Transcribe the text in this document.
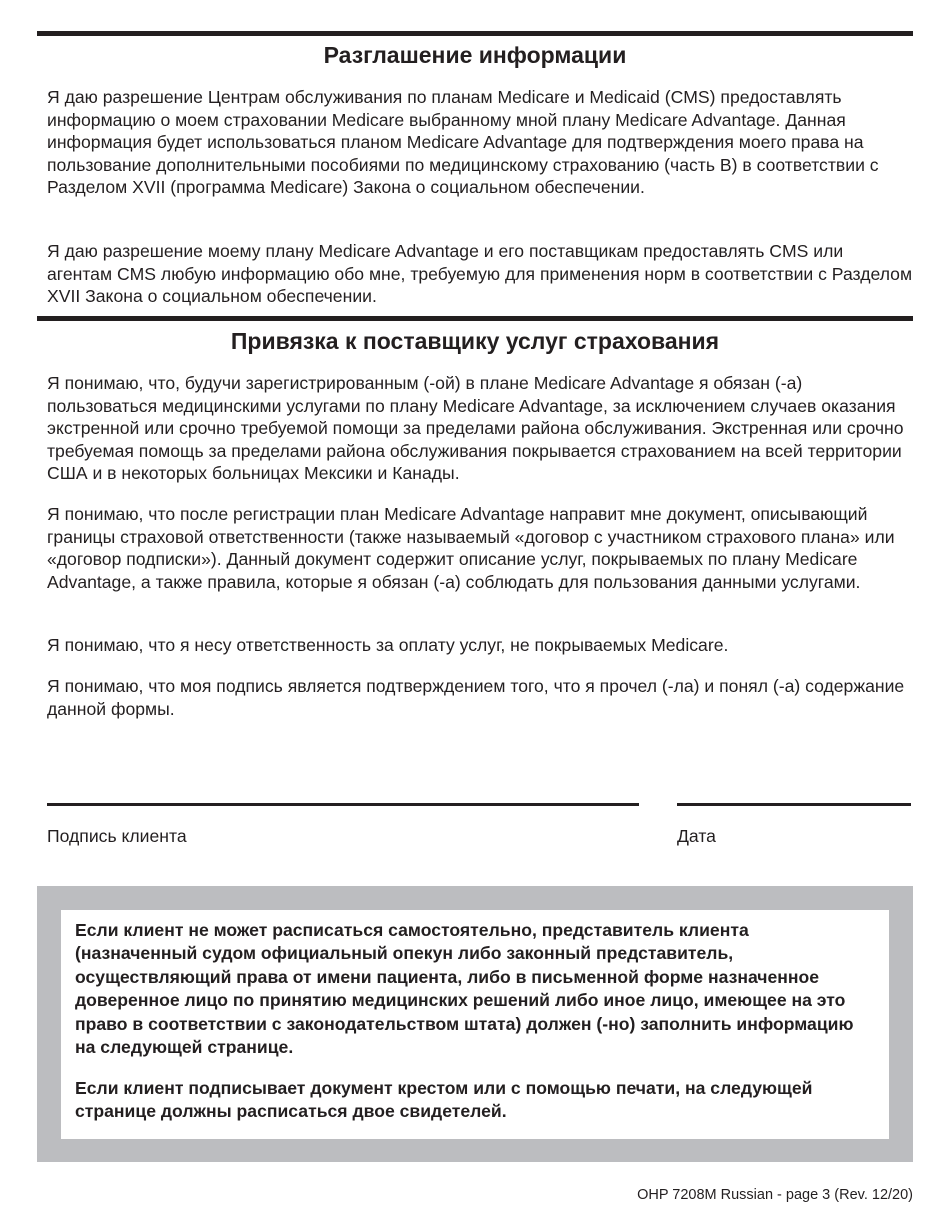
Разглашение информации

Я даю разрешение Центрам обслуживания по планам Medicare и Medicaid (CMS) предоставлять информацию о моем страховании Medicare выбранному мной плану Medicare Advantage. Данная информация будет использоваться планом Medicare Advantage для подтверждения моего права на пользование дополнительными пособиями по медицинскому страхованию (часть B) в соответствии с Разделом XVII (программа Medicare) Закона о социальном обеспечении.

Я даю разрешение моему плану Medicare Advantage и его поставщикам предоставлять CMS или агентам CMS любую информацию обо мне, требуемую для применения норм в соответствии с Разделом XVII Закона о социальном обеспечении.

Привязка к поставщику услуг страхования

Я понимаю, что, будучи зарегистрированным (-ой) в плане Medicare Advantage я обязан (-а) пользоваться медицинскими услугами по плану Medicare Advantage, за исключением случаев оказания экстренной или срочно требуемой помощи за пределами района обслуживания. Экстренная или срочно требуемая помощь за пределами района обслуживания покрывается страхованием на всей территории США и в некоторых больницах Мексики и Канады.

Я понимаю, что после регистрации план Medicare Advantage направит мне документ, описывающий границы страховой ответственности (также называемый «договор с участником страхового плана» или «договор подписки»). Данный документ содержит описание услуг, покрываемых по плану Medicare Advantage, а также правила, которые я обязан (-а) соблюдать для пользования данными услугами.

Я понимаю, что я несу ответственность за оплату услуг, не покрываемых Medicare.

Я понимаю, что моя подпись является подтверждением того, что я прочел (-ла) и понял (-а) содержание данной формы.

Подпись клиента	Дата

Если клиент не может расписаться самостоятельно, представитель клиента (назначенный судом официальный опекун либо законный представитель, осуществляющий права от имени пациента, либо в письменной форме назначенное доверенное лицо по принятию медицинских решений либо иное лицо, имеющее на это право в соответствии с законодательством штата) должен (-но) заполнить информацию на следующей странице.

Если клиент подписывает документ крестом или с помощью печати, на следующей странице должны расписаться двое свидетелей.

OHP 7208M Russian - page 3 (Rev. 12/20)
